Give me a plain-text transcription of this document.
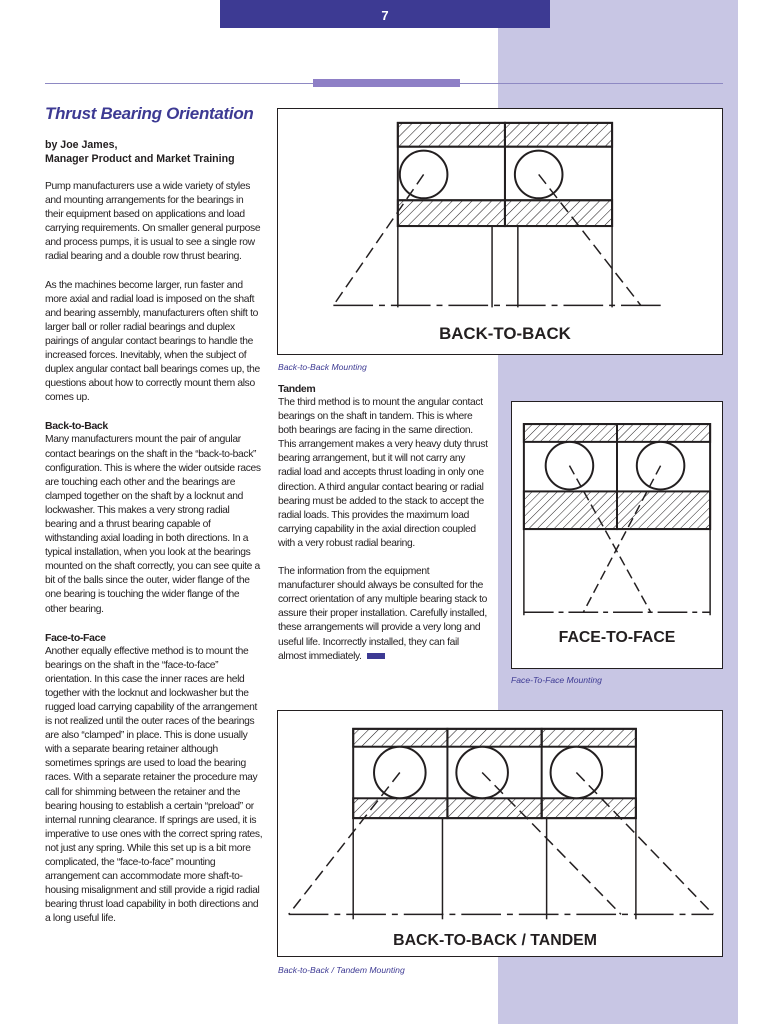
7
Thrust Bearing Orientation
by Joe James,
Manager Product and Market Training

Pump manufacturers use a wide variety of styles and mounting arrangements for the bearings in their equipment based on applications and load carrying requirements. On smaller general purpose and process pumps, it is usual to see a single row radial bearing and a double row thrust bearing.

As the machines become larger, run faster and more axial and radial load is imposed on the shaft and bearing assembly, manufacturers often shift to larger ball or roller radial bearings and duplex pairings of angular contact bearings to handle the increased forces. Inevitably, when the subject of duplex angular contact ball bearings comes up, the questions about how to correctly mount them also comes up.

Back-to-Back

Many manufacturers mount the pair of angular contact bearings on the shaft in the “back-to-back” configuration. This is where the wider outside races are touching each other and the bearings are clamped together on the shaft by a locknut and lockwasher. This makes a very strong radial bearing and a thrust bearing capable of withstanding axial loading in both directions. In a typical installation, when you look at the bearings mounted on the shaft correctly, you can see quite a bit of the balls since the outer, wider flange of the one bearing is touching the wider flange of the other bearing.

Face-to-Face

Another equally effective method is to mount the bearings on the shaft in the “face-to-face” orientation. In this case the inner races are held together with the locknut and lockwasher but the rugged load carrying capability of the arrangement is not realized until the outer races of the bearings are also “clamped” in place. This is done usually with a separate bearing retainer although sometimes springs are used to load the bearing races. With a separate retainer the procedure may call for shimming between the retainer and the bearing housing to establish a certain “preload” or internal running clearance. If springs are used, it is imperative to use ones with the correct spring rates, not just any spring. While this set up is a bit more complicated, the “face-to-face” mounting arrangement can accommodate more shaft-to-housing misalignment and still provide a rigid radial bearing thrust load capability in both directions and a long useful life.

Tandem

The third method is to mount the angular contact bearings on the shaft in tandem. This is where both bearings are facing in the same direction. This arrangement makes a very heavy duty thrust bearing arrangement, but it will not carry any radial load and accepts thrust loading in only one direction. A third angular contact bearing or radial bearing must be added to the stack to accept the radial loads. This provides the maximum load carrying capability in the axial direction coupled with a very robust radial bearing.

The information from the equipment manufacturer should always be consulted for the correct orientation of any multiple bearing stack to assure their proper installation. Carefully installed, these arrangements will provide a very long and useful life. Incorrectly installed, they can fail almost immediately.

BACK-TO-BACK
Back-to-Back Mounting
FACE-TO-FACE
Face-To-Face Mounting
BACK-TO-BACK / TANDEM
Back-to-Back / Tandem Mounting
